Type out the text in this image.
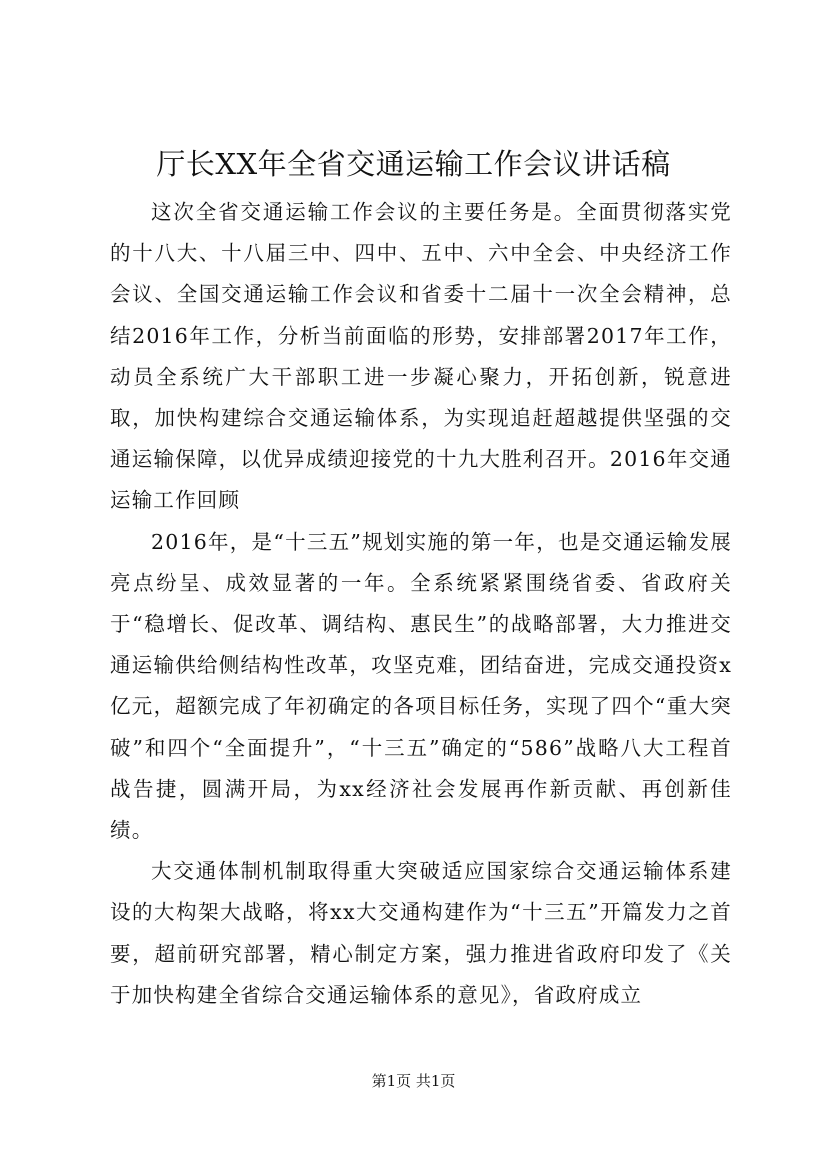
厅长XX年全省交通运输工作会议讲话稿

这次全省交通运输工作会议的主要任务是。全面贯彻落实党的十八大、十八届三中、四中、五中、六中全会、中央经济工作会议、全国交通运输工作会议和省委十二届十一次全会精神，总结2016年工作，分析当前面临的形势，安排部署2017年工作，动员全系统广大干部职工进一步凝心聚力，开拓创新，锐意进取，加快构建综合交通运输体系，为实现追赶超越提供坚强的交通运输保障，以优异成绩迎接党的十九大胜利召开。2016年交通运输工作回顾

2016年，是“十三五”规划实施的第一年，也是交通运输发展亮点纷呈、成效显著的一年。全系统紧紧围绕省委、省政府关于“稳增长、促改革、调结构、惠民生”的战略部署，大力推进交通运输供给侧结构性改革，攻坚克难，团结奋进，完成交通投资x亿元，超额完成了年初确定的各项目标任务，实现了四个“重大突破”和四个“全面提升”，“十三五”确定的“586”战略八大工程首战告捷，圆满开局，为xx经济社会发展再作新贡献、再创新佳绩。

大交通体制机制取得重大突破适应国家综合交通运输体系建设的大构架大战略，将xx大交通构建作为“十三五”开篇发力之首要，超前研究部署，精心制定方案，强力推进省政府印发了《关于加快构建全省综合交通运输体系的意见》，省政府成立

第1页 共1页
